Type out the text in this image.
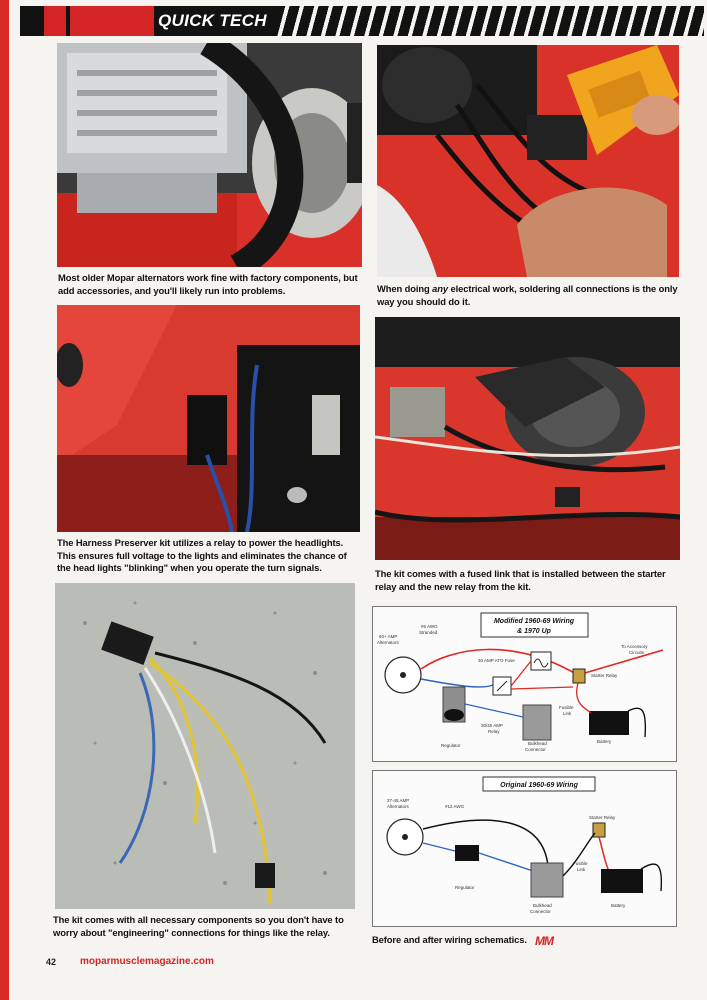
QUICK TECH
Most older Mopar alternators work fine with factory components, but add accessories, and you'll likely run into problems.	When doing any electrical work, soldering all connections is the only way you should do it.
The Harness Preserver kit utilizes a relay to power the headlights. This ensures full voltage to the lights and eliminates the chance of the head lights "blinking" when you operate the turn signals.
The kit comes with a fused link that is installed between the starter relay and the new relay from the kit.
The kit comes with all necessary components so you don't have to worry about "engineering" connections for things like the relay.
Modified 1960-69 Wiring
& 1970 Up
60+ AMP
Alternators
#6 AWG
Stranded
30 AMP ATO Fuse
To Accessory
Circuits
Starter Relay
30/40 AMP
Relay
Fusible
Link
Regulator	Bulkhead
Connector
Battery
Original 1960-69 Wiring
37-45 AMP
Alternators	#12 AWG
Starter Relay
Fusible
Link
Regulator
Bulkhead
Connector
Battery
Before and after wiring schematics. MM
42 moparmusclemagazine.com
